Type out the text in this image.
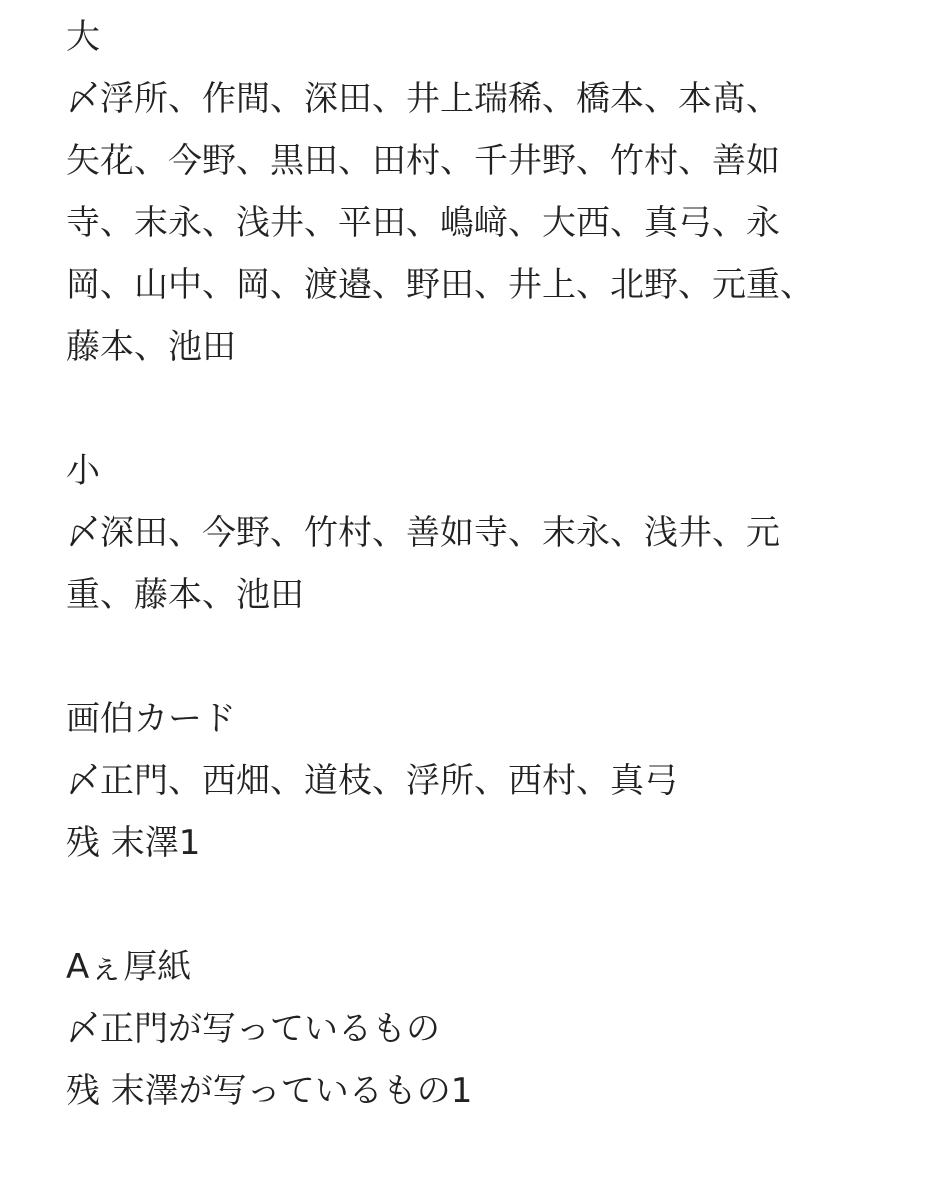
大
〆浮所、作間、深田、井上瑞稀、橋本、本髙、
矢花、今野、黒田、田村、千井野、竹村、善如
寺、末永、浅井、平田、嶋﨑、大西、真弓、永
岡、山中、岡、渡邉、野田、井上、北野、元重、
藤本、池田
小
〆深田、今野、竹村、善如寺、末永、浅井、元
重、藤本、池田
画伯カード
〆正門、西畑、道枝、浮所、西村、真弓
残 末澤1
Aぇ厚紙
〆正門が写っているもの
残 末澤が写っているもの1
